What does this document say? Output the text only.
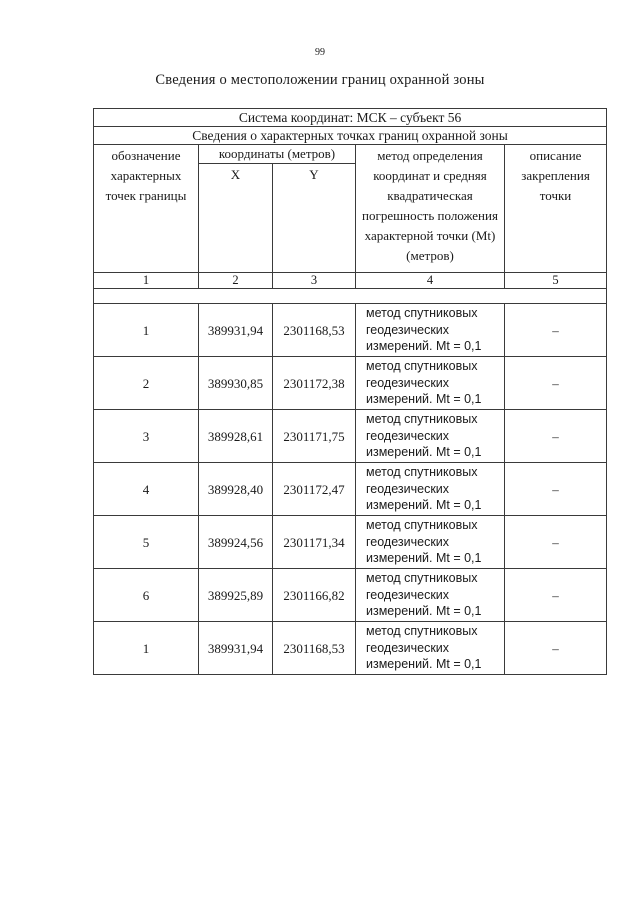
99
Сведения о местоположении границ охранной зоны
Система координат: МСК – субъект 56				
Сведения о характерных точках границ охранной зоны				
обозначение характерных точек границы	координаты (метров)		метод определения координат и средняя квадратическая погрешность положения характерной точки (Mt) (метров)	описание закрепления точки
	X	Y		
1	2	3	4	5

1	389931,94	2301168,53	метод спутниковых геодезических измерений. Mt = 0,1	–
2	389930,85	2301172,38	метод спутниковых геодезических измерений. Mt = 0,1	–
3	389928,61	2301171,75	метод спутниковых геодезических измерений. Mt = 0,1	–
4	389928,40	2301172,47	метод спутниковых геодезических измерений. Mt = 0,1	–
5	389924,56	2301171,34	метод спутниковых геодезических измерений. Mt = 0,1	–
6	389925,89	2301166,82	метод спутниковых геодезических измерений. Mt = 0,1	–
1	389931,94	2301168,53	метод спутниковых геодезических измерений. Mt = 0,1	–
